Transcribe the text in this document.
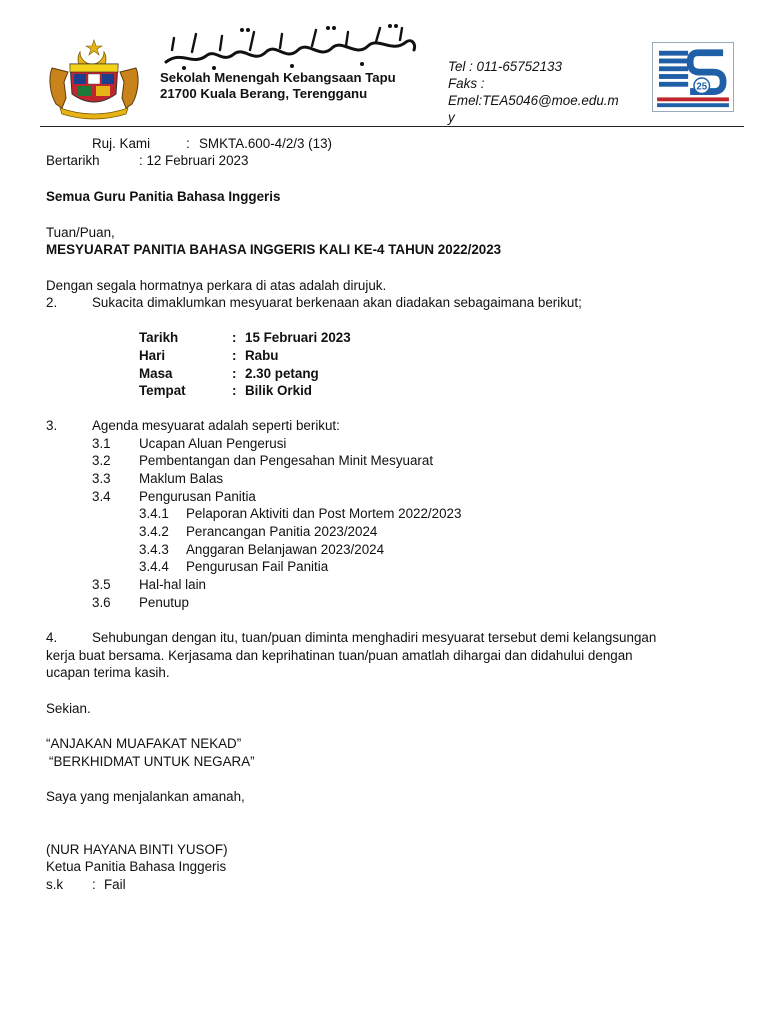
Sekolah Menengah Kebangsaan Tapu
21700 Kuala Berang, Terengganu
Tel : 011-65752133
Faks :
Emel:TEA5046@moe.edu.m
y
25
Ruj. Kami	: SMKTA.600-4/2/3 (13)
Bertarikh	: 12 Februari 2023
Semua Guru Panitia Bahasa Inggeris
Tuan/Puan,
MESYUARAT PANITIA BAHASA INGGERIS KALI KE-4 TAHUN 2022/2023
Dengan segala hormatnya perkara di atas adalah dirujuk.
2.	Sukacita dimaklumkan mesyuarat berkenaan akan diadakan sebagaimana berikut;
Tarikh	: 15 Februari 2023
Hari	: Rabu
Masa	: 2.30 petang
Tempat	: Bilik Orkid
3.	Agenda mesyuarat adalah seperti berikut:
3.1 Ucapan Aluan Pengerusi
3.2 Pembentangan dan Pengesahan Minit Mesyuarat
3.3 Maklum Balas
3.4 Pengurusan Panitia
3.4.1 Pelaporan Aktiviti dan Post Mortem 2022/2023
3.4.2 Perancangan Panitia 2023/2024
3.4.3 Anggaran Belanjawan 2023/2024
3.4.4 Pengurusan Fail Panitia
3.5 Hal-hal lain
3.6 Penutup
4.	Sehubungan dengan itu, tuan/puan diminta menghadiri mesyuarat tersebut demi kelangsungan
kerja buat bersama. Kerjasama dan keprihatinan tuan/puan amatlah dihargai dan didahului dengan
ucapan terima kasih.
Sekian.
“ANJAKAN MUAFAKAT NEKAD”
“BERKHIDMAT UNTUK NEGARA”
Saya yang menjalankan amanah,
(NUR HAYANA BINTI YUSOF)
Ketua Panitia Bahasa Inggeris
s.k : Fail
